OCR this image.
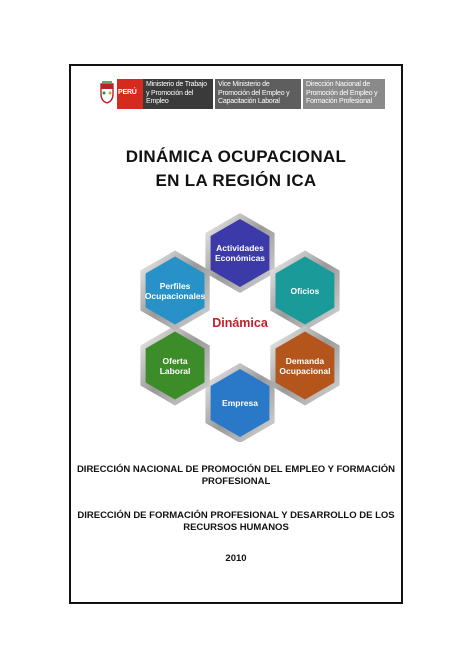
PERÚ
Ministerio de Trabajo y Promoción del Empleo
Vice Ministerio de Promoción del Empleo y Capacitación Laboral
Dirección Nacional de Promoción del Empleo y Formación Profesional
DINÁMICA OCUPACIONAL
EN LA REGIÓN ICA
Dinámica
Actividades
Económicas
Oficios
Demanda
Ocupacional
Empresa
Oferta
Laboral
Perfiles
Ocupacionales
DIRECCIÓN NACIONAL DE PROMOCIÓN DEL EMPLEO Y FORMACIÓN PROFESIONAL
DIRECCIÓN DE FORMACIÓN PROFESIONAL Y DESARROLLO DE LOS RECURSOS HUMANOS
2010
